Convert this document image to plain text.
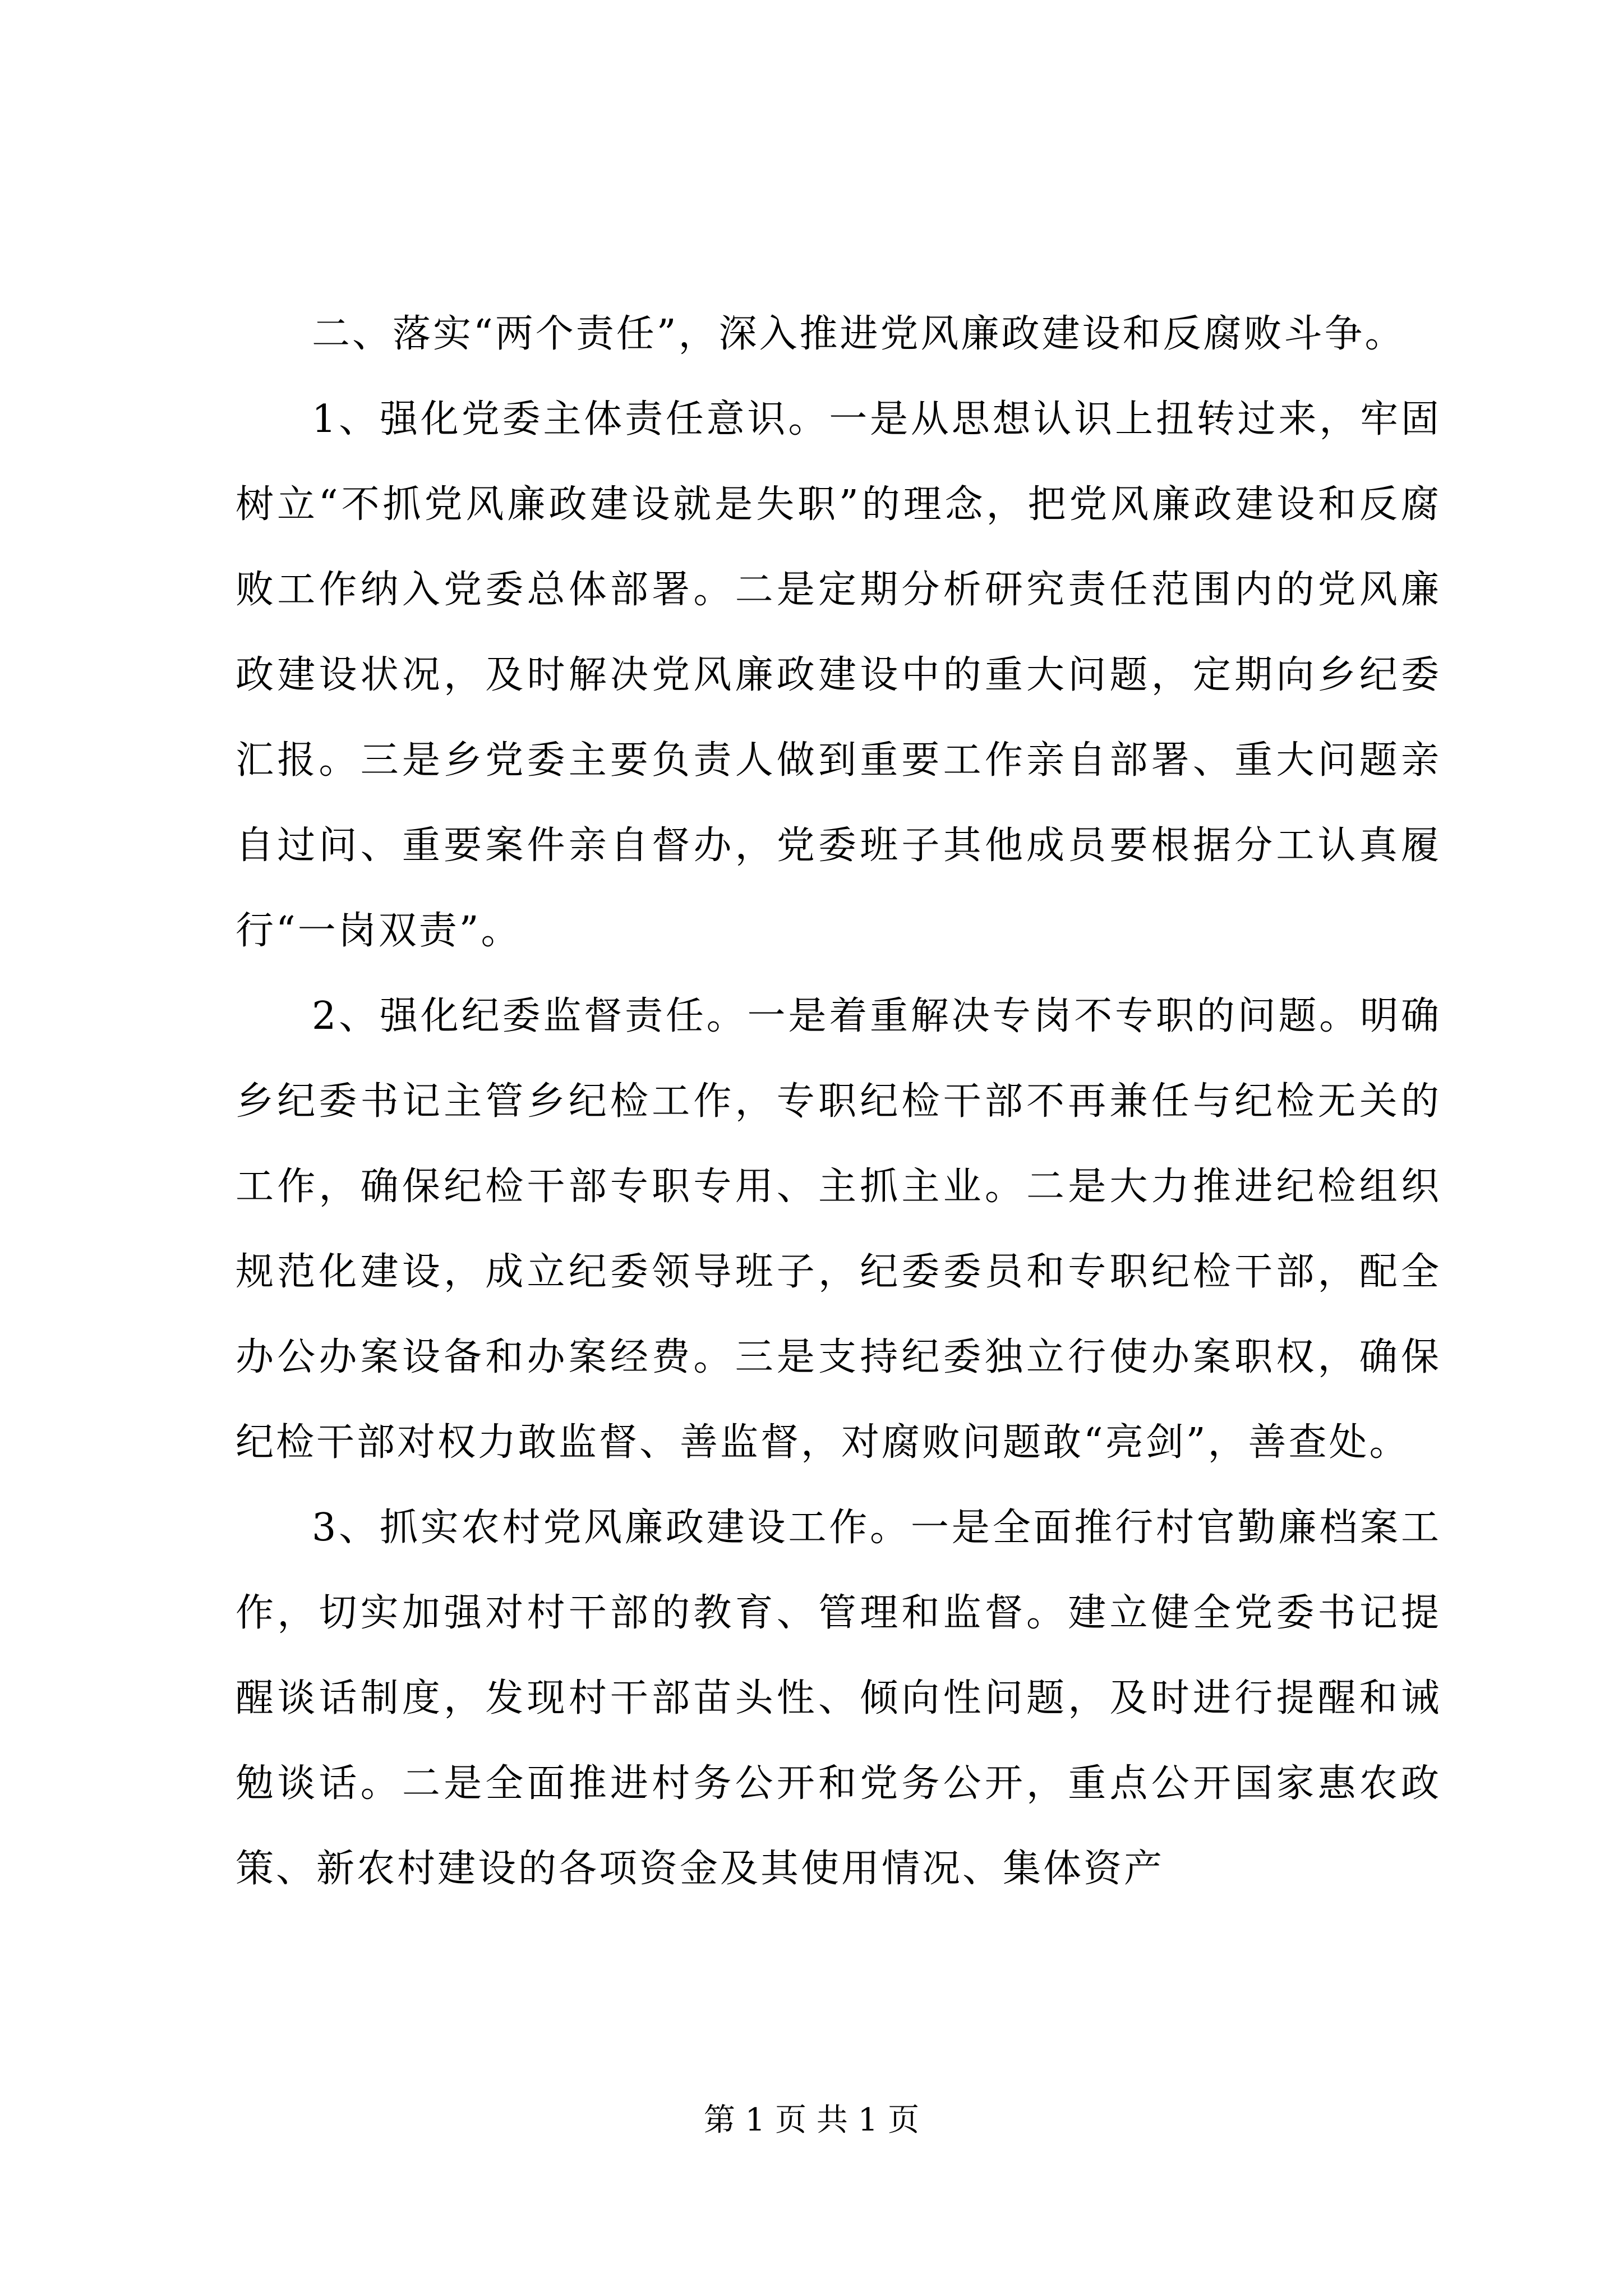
二、落实“两个责任”，深入推进党风廉政建设和反腐败斗争。

1、强化党委主体责任意识。一是从思想认识上扭转过来，牢固树立“不抓党风廉政建设就是失职”的理念，把党风廉政建设和反腐败工作纳入党委总体部署。二是定期分析研究责任范围内的党风廉政建设状况，及时解决党风廉政建设中的重大问题，定期向乡纪委汇报。三是乡党委主要负责人做到重要工作亲自部署、重大问题亲自过问、重要案件亲自督办，党委班子其他成员要根据分工认真履行“一岗双责”。

2、强化纪委监督责任。一是着重解决专岗不专职的问题。明确乡纪委书记主管乡纪检工作，专职纪检干部不再兼任与纪检无关的工作，确保纪检干部专职专用、主抓主业。二是大力推进纪检组织规范化建设，成立纪委领导班子，纪委委员和专职纪检干部，配全办公办案设备和办案经费。三是支持纪委独立行使办案职权，确保纪检干部对权力敢监督、善监督，对腐败问题敢“亮剑”，善查处。

3、抓实农村党风廉政建设工作。一是全面推行村官勤廉档案工作，切实加强对村干部的教育、管理和监督。建立健全党委书记提醒谈话制度，发现村干部苗头性、倾向性问题，及时进行提醒和诫勉谈话。二是全面推进村务公开和党务公开，重点公开国家惠农政策、新农村建设的各项资金及其使用情况、集体资产

第 1 页 共 1 页
